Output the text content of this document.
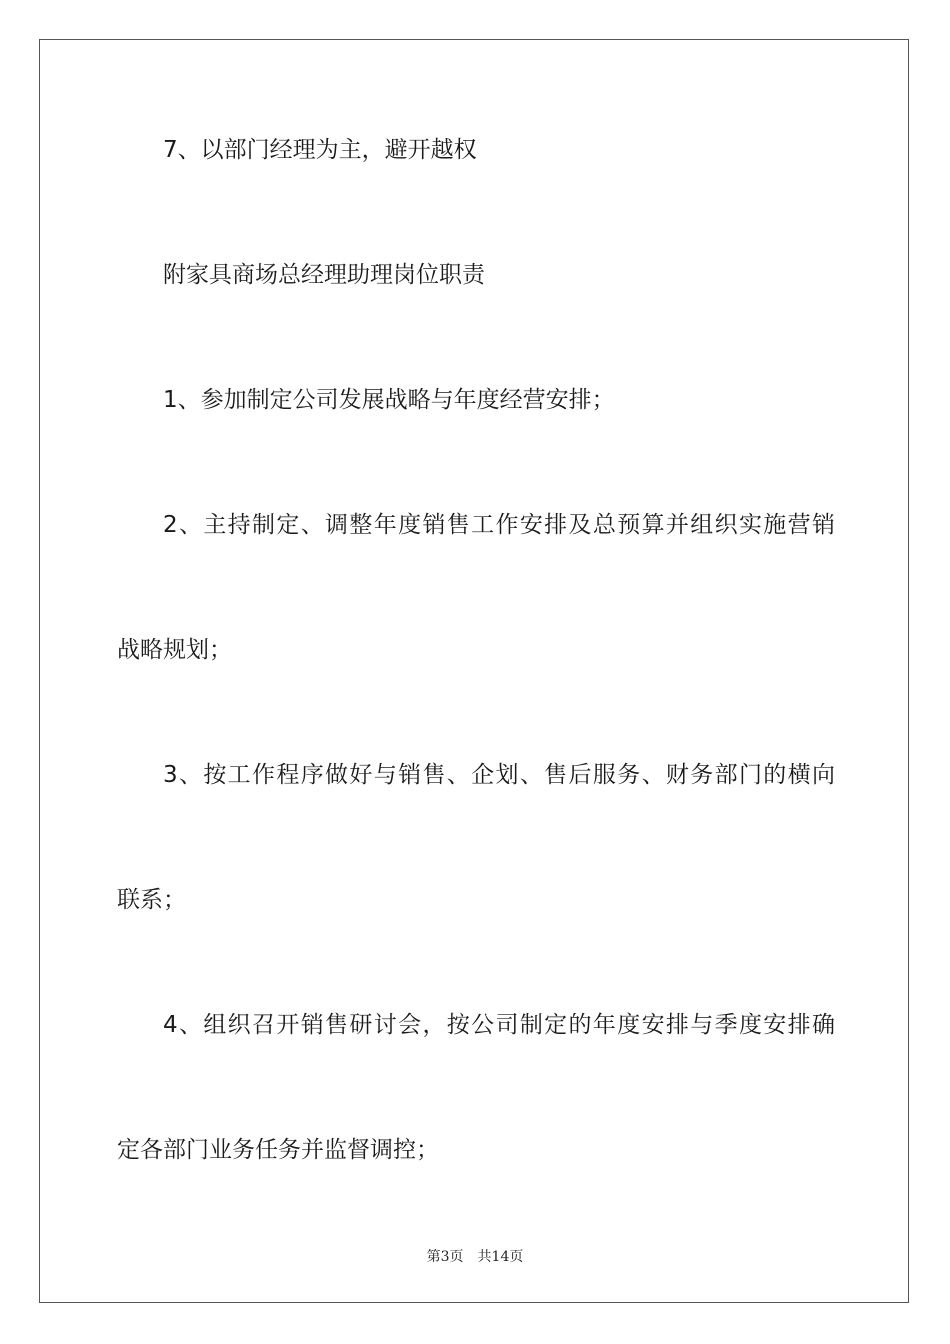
7、以部门经理为主，避开越权
附家具商场总经理助理岗位职责
1、参加制定公司发展战略与年度经营安排；
2、主持制定、调整年度销售工作安排及总预算并组织实施营销
战略规划；
3、按工作程序做好与销售、企划、售后服务、财务部门的横向
联系；
4、组织召开销售研讨会，按公司制定的年度安排与季度安排确
定各部门业务任务并监督调控；
第3页 共14页
